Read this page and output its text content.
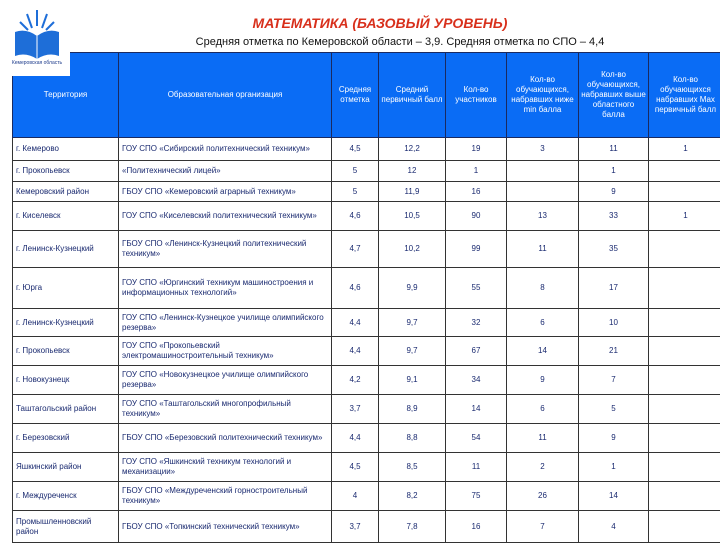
Кемеровская область
МАТЕМАТИКА (БАЗОВЫЙ УРОВЕНЬ)
Средняя отметка по Кемеровской области – 3,9. Средняя отметка по СПО – 4,4
Территория	Образовательная организация	Средняя отметка	Средний первичный балл	Кол-во участников	Кол-во обучающихся, набравших ниже min балла	Кол-во обучающихся, набравших выше областного балла	Кол-во обучающихся набравших Max первичный балл
г. Кемерово	ГОУ СПО «Сибирский политехнический техникум»	4,5	12,2	19	3	11	1
г. Прокопьевск	«Политехнический лицей»	5	12	1		1	
Кемеровский район	ГБОУ СПО «Кемеровский аграрный техникум»	5	11,9	16		9	
г. Киселевск	ГОУ СПО «Киселевский политехнический техникум»	4,6	10,5	90	13	33	1
г. Ленинск-Кузнецкий	ГБОУ СПО «Ленинск-Кузнецкий политехнический техникум»	4,7	10,2	99	11	35	
г. Юрга	ГОУ СПО «Юргинский техникум машиностроения и информационных технологий»	4,6	9,9	55	8	17	
г. Ленинск-Кузнецкий	ГОУ СПО «Ленинск-Кузнецкое училище олимпийского резерва»	4,4	9,7	32	6	10	
г. Прокопьевск	ГОУ СПО «Прокопьевский электромашиностроительный техникум»	4,4	9,7	67	14	21	
г. Новокузнецк	ГОУ СПО «Новокузнецкое училище олимпийского резерва»	4,2	9,1	34	9	7	
Таштагольский район	ГОУ СПО «Таштагольский многопрофильный техникум»	3,7	8,9	14	6	5	
г. Березовский	ГБОУ СПО «Березовский политехнический техникум»	4,4	8,8	54	11	9	
Яшкинский район	ГОУ СПО «Яшкинский техникум технологий и механизации»	4,5	8,5	11	2	1	
г. Междуреченск	ГБОУ СПО «Междуреченский горностроительный техникум»	4	8,2	75	26	14	
Промышленновский район	ГБОУ СПО «Топкинский технический техникум»	3,7	7,8	16	7	4	
